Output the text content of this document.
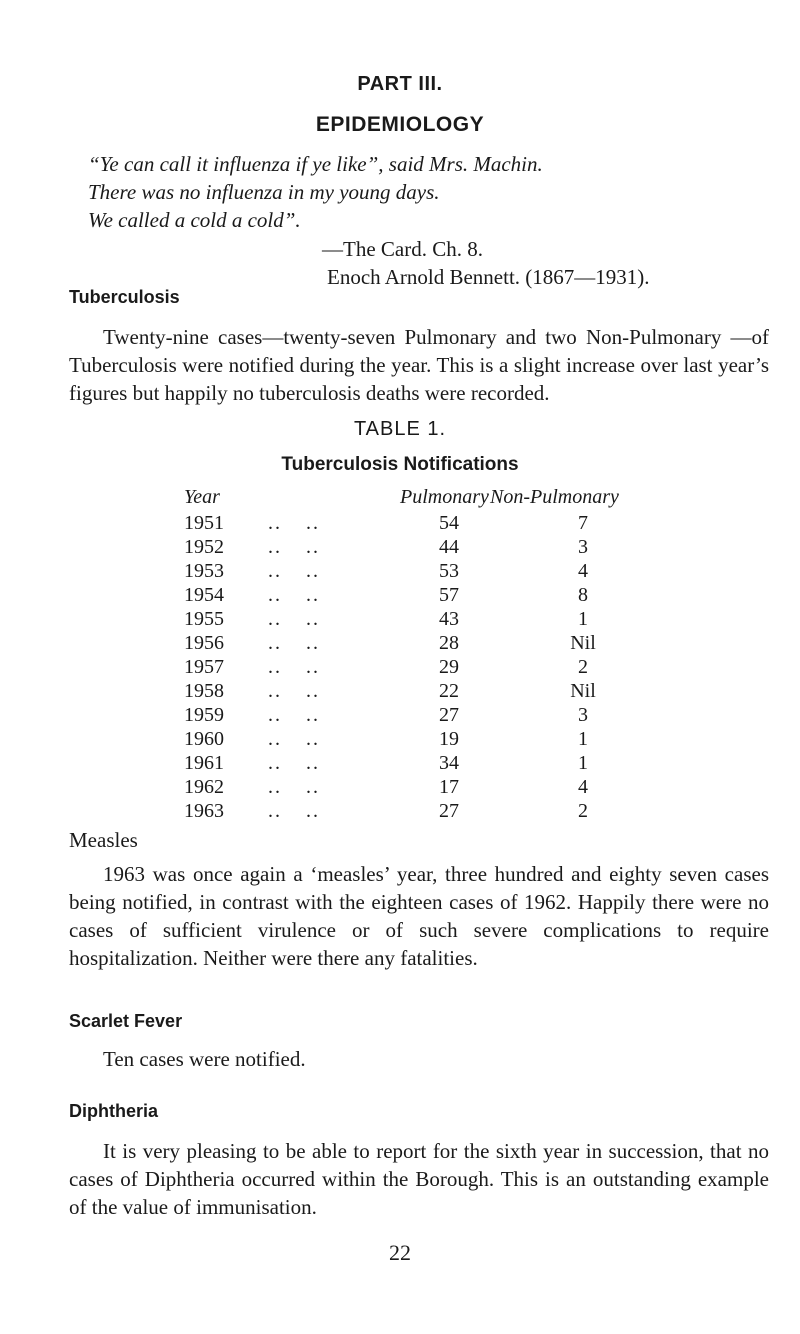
PART III.
EPIDEMIOLOGY
“Ye can call it influenza if ye like”, said Mrs. Machin.
There was no influenza in my young days.
We called a cold a cold”.
—The Card. Ch. 8.
Enoch Arnold Bennett. (1867—1931).
Tuberculosis
Twenty-nine cases—twenty-seven Pulmonary and two Non-Pulmonary —of Tuberculosis were notified during the year. This is a slight increase over last year’s figures but happily no tuberculosis deaths were recorded.
TABLE 1.
Tuberculosis Notifications
Year	Pulmonary Non-Pulmonary
1951 .. ..	54	7
1952 .. ..	44	3
1953 .. ..	53	4
1954 .. ..	57	8
1955 .. ..	43	1
1956 .. ..	28	Nil
1957 .. ..	29	2
1958 .. ..	22	Nil
1959 .. ..	27	3
1960 .. ..	19	1
1961 .. ..	34	1
1962 .. ..	17	4
1963 .. ..	27	2
Measles
1963 was once again a ‘measles’ year, three hundred and eighty seven cases being notified, in contrast with the eighteen cases of 1962. Happily there were no cases of sufficient virulence or of such severe complications to require hospitalization. Neither were there any fatalities.
Scarlet Fever
Ten cases were notified.
Diphtheria
It is very pleasing to be able to report for the sixth year in succession, that no cases of Diphtheria occurred within the Borough. This is an outstanding example of the value of immunisation.
22
